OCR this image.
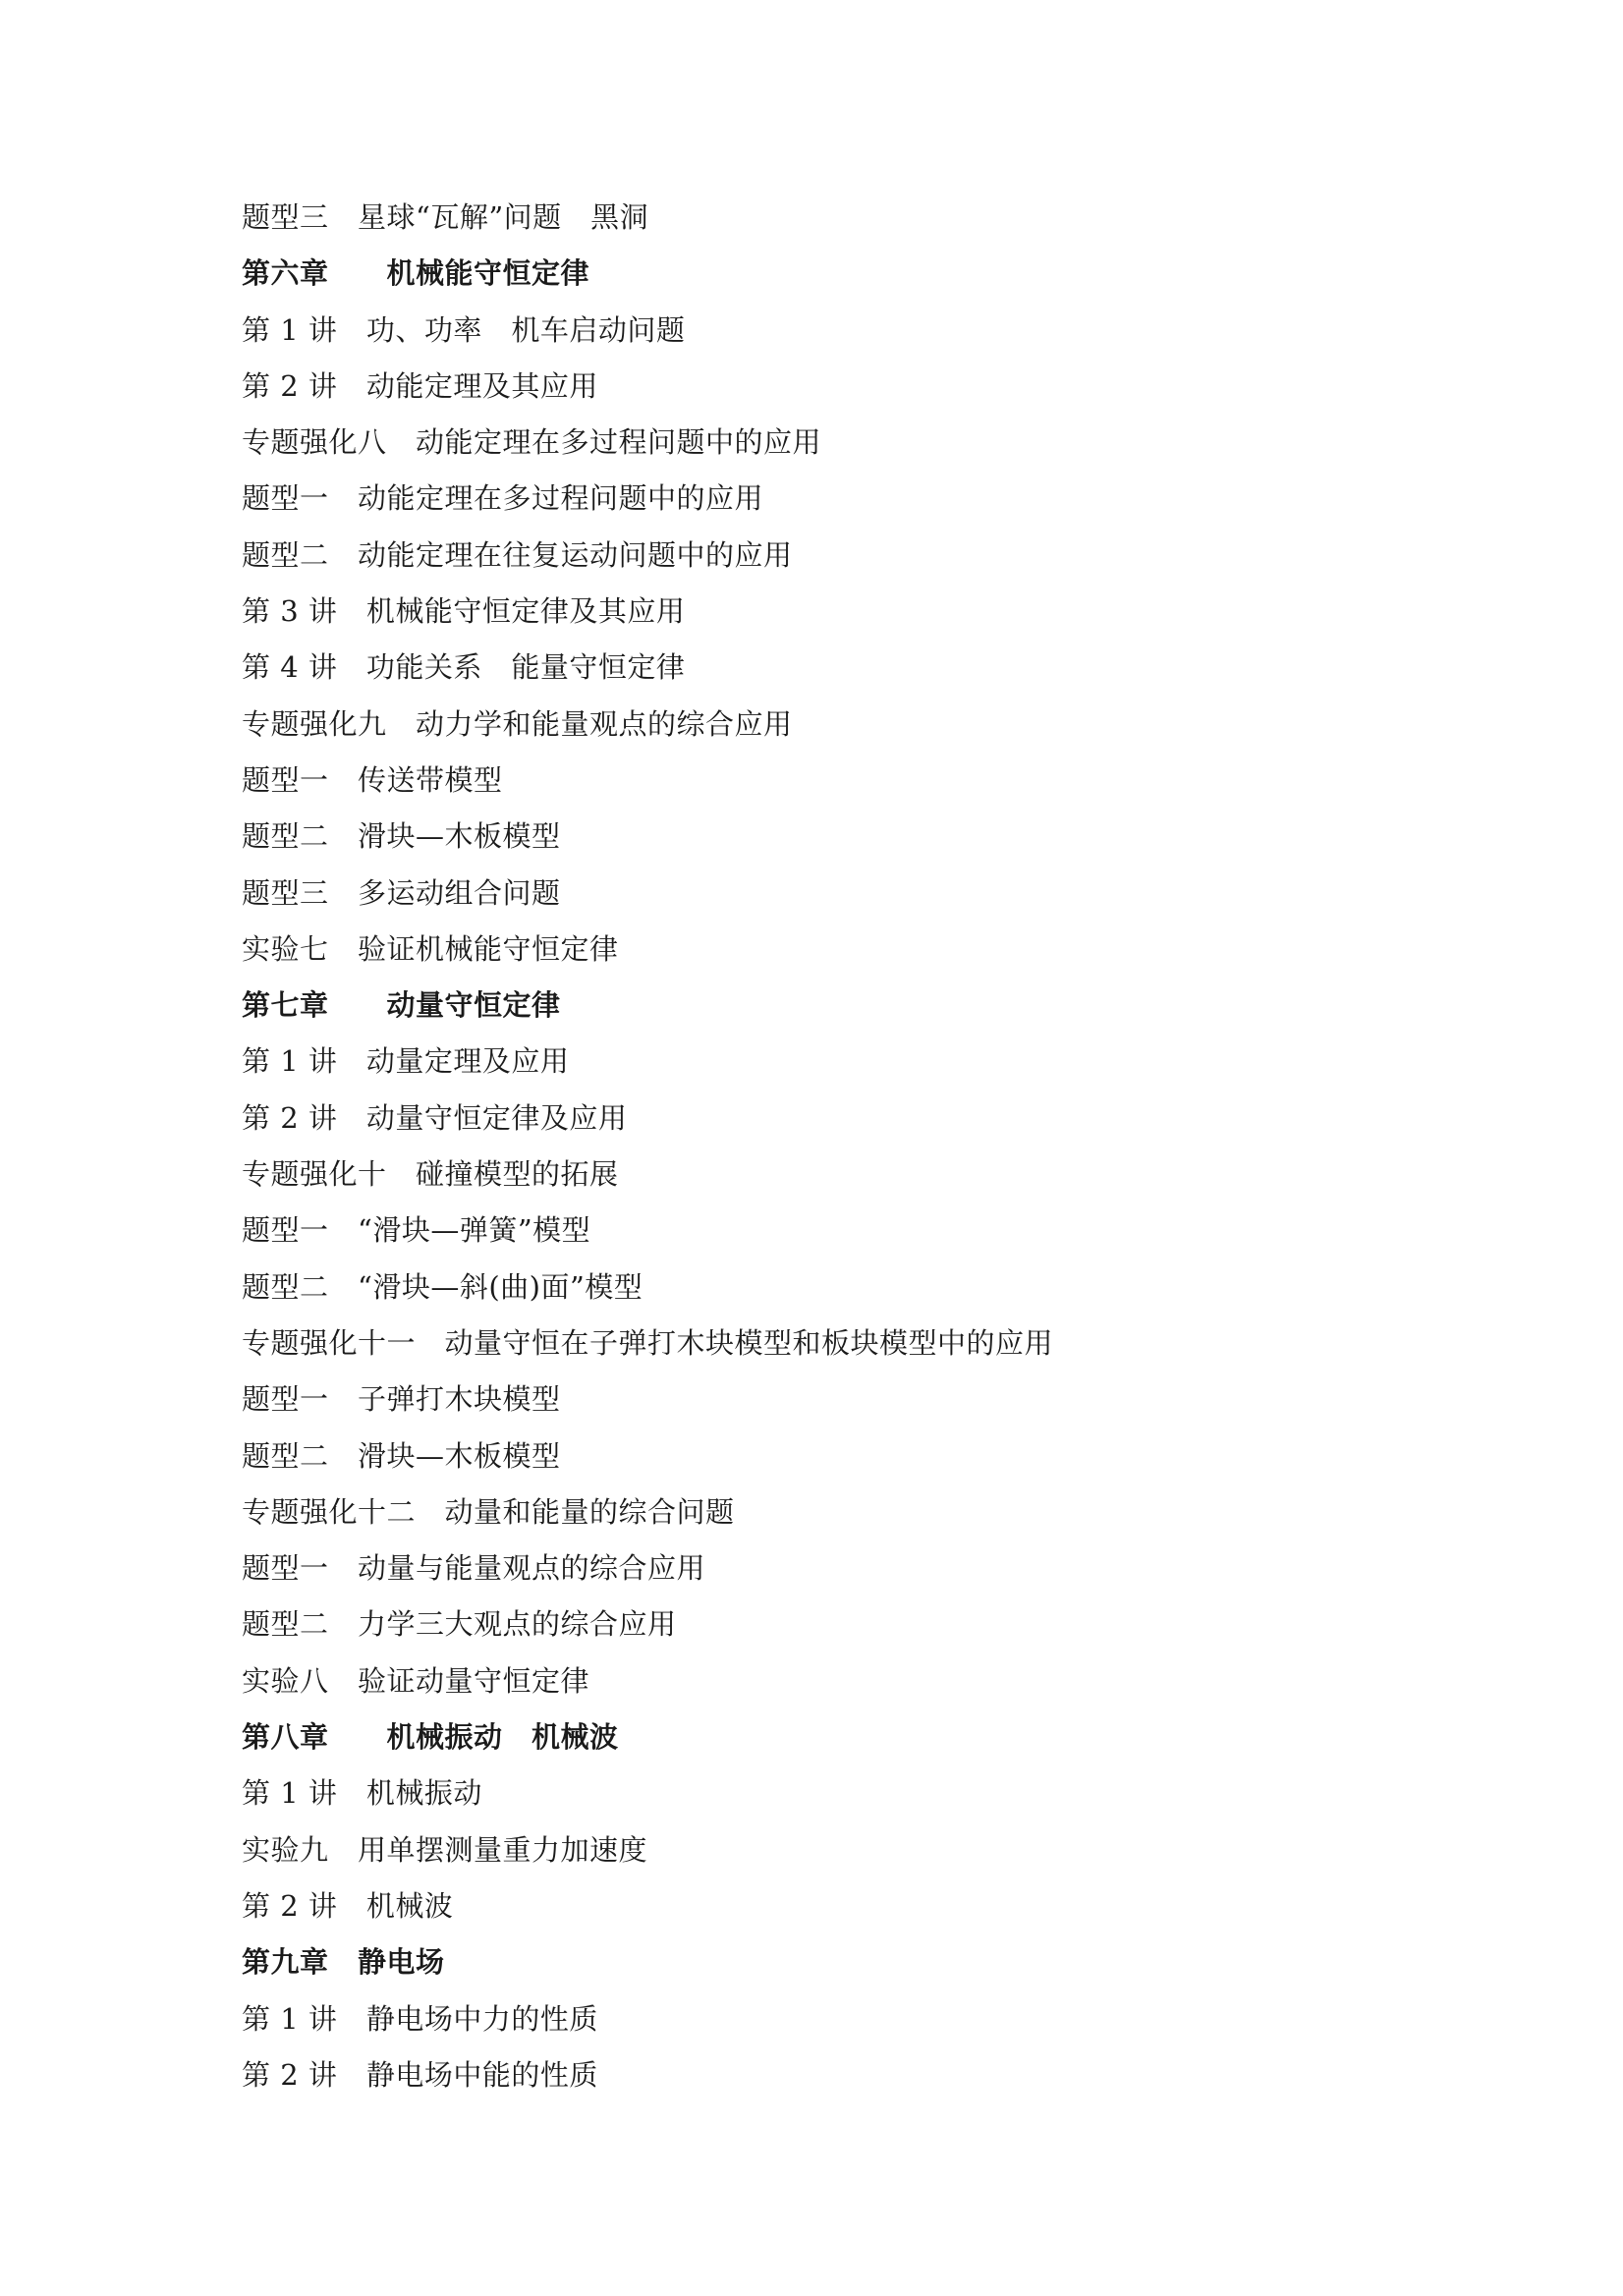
题型三　星球“瓦解”问题　黑洞
第六章　　机械能守恒定律
第 1 讲　功、功率　机车启动问题
第 2 讲　动能定理及其应用
专题强化八　动能定理在多过程问题中的应用
题型一　动能定理在多过程问题中的应用
题型二　动能定理在往复运动问题中的应用
第 3 讲　机械能守恒定律及其应用
第 4 讲　功能关系　能量守恒定律
专题强化九　动力学和能量观点的综合应用
题型一　传送带模型
题型二　滑块—木板模型
题型三　多运动组合问题
实验七　验证机械能守恒定律
第七章　　动量守恒定律
第 1 讲　动量定理及应用
第 2 讲　动量守恒定律及应用
专题强化十　碰撞模型的拓展
题型一　“滑块—弹簧”模型
题型二　“滑块—斜(曲)面”模型
专题强化十一　动量守恒在子弹打木块模型和板块模型中的应用
题型一　子弹打木块模型
题型二　滑块—木板模型
专题强化十二　动量和能量的综合问题
题型一　动量与能量观点的综合应用
题型二　力学三大观点的综合应用
实验八　验证动量守恒定律
第八章　　机械振动　机械波
第 1 讲　机械振动
实验九　用单摆测量重力加速度
第 2 讲　机械波
第九章　静电场
第 1 讲　静电场中力的性质
第 2 讲　静电场中能的性质
